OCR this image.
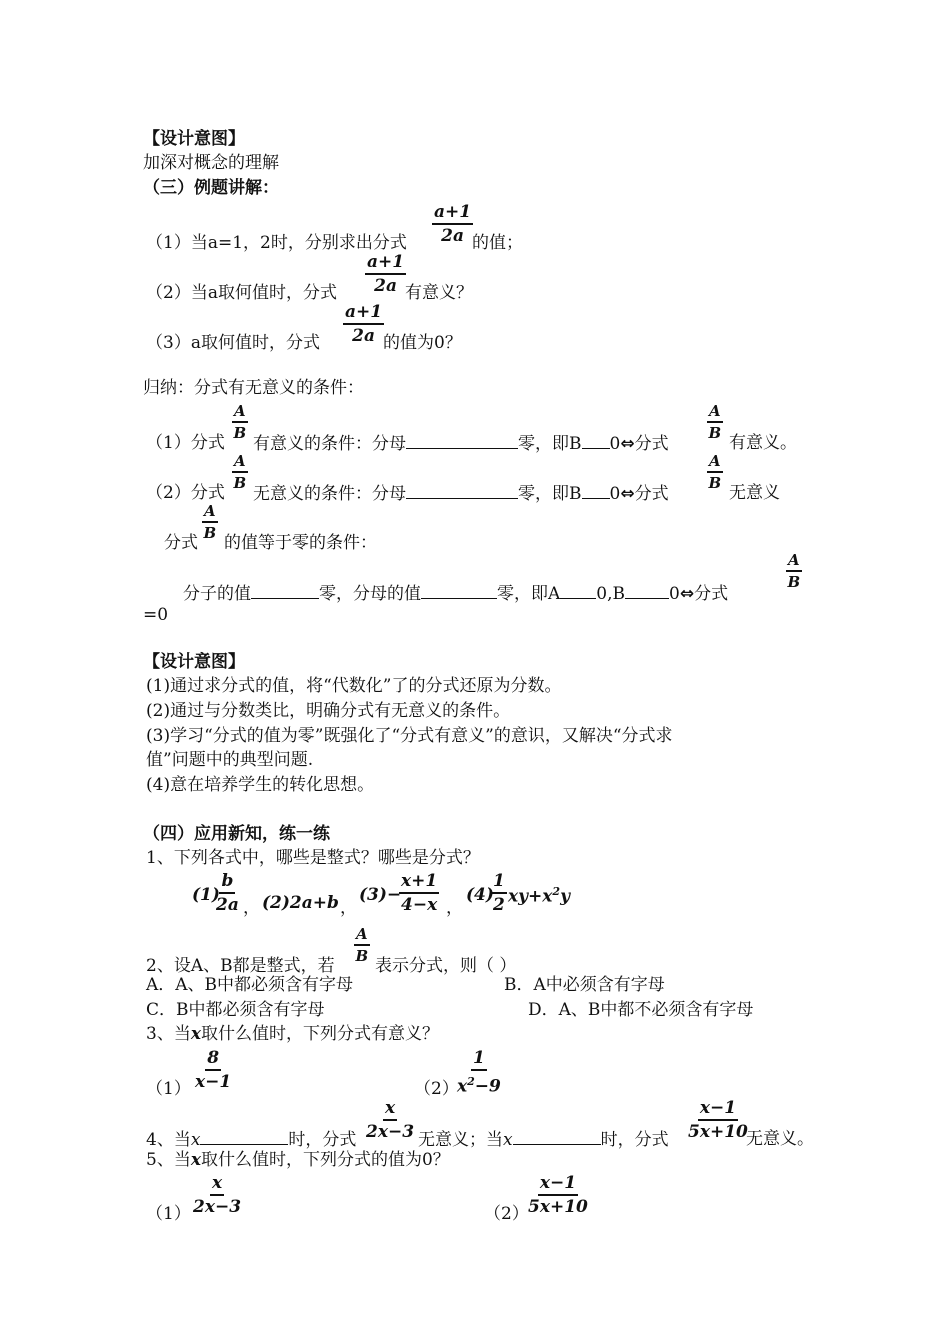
【设计意图】
加深对概念的理解
（三）例题讲解：
（1）当a=1，2时，分别求出分式 $\frac{a+1}{2a}$
的值；
（2）当a取何值时，分式 $\frac{a+1}{2a}$
有意义？
（3）a取何值时，分式 $\frac{a+1}{2a}$
的值为0？
归纳：分式有无意义的条件：
（1）分式
$\frac{A}{B}$
有意义的条件：分母	零，即B 0⇔分式
$\frac{A}{B}$
有意义。
（2）分式
$\frac{A}{B}$
无意义的条件：分母	零，即B 0⇔分式
$\frac{A}{B}$
无意义
分式
$\frac{A}{B}$
的值等于零的条件：
分子的值	零，分母的值	零，即A 0,B	0⇔分式
$\frac{A}{B}$
=0
【设计意图】
(1)通过求分式的值，将“代数化”了的分式还原为分数。
(2)通过与分数类比，明确分式有无意义的条件。
(3)学习“分式的值为零”既强化了“分式有意义”的意识，又解决“分式求
值”问题中的典型问题.
(4)意在培养学生的转化思想。
（四）应用新知，练一练
1、下列各式中，哪些是整式？哪些是分式？
(1)
$\frac{b}{2a}$ ， (2)2a+b ，
(3)−
$\frac{x+1}{4-x}$ ，
(4)
$\frac{1}{2} xy+x^2y$
2、设A、B都是整式，若
$\frac{A}{B}$
表示分式，则（ ）
A．A、B中都必须含有字母	B．A中必须含有字母
C．B中都必须含有字母	D．A、B中都不必须含有字母
3、当x取什么值时，下列分式有意义？
$(1) \frac{8}{x-1}$	（2）
$\frac{1}{x^2-9}$
4、当x	时，分式 $\frac{x}{2x-3}$ 无意义；当x	时，分式 $\frac{x-1}{5x+10}$
无意义。
5、当x取什么值时，下列分式的值为0？
$(1) \frac{x}{2x-3}$	$(2) \frac{x-1}{5x+10}$
